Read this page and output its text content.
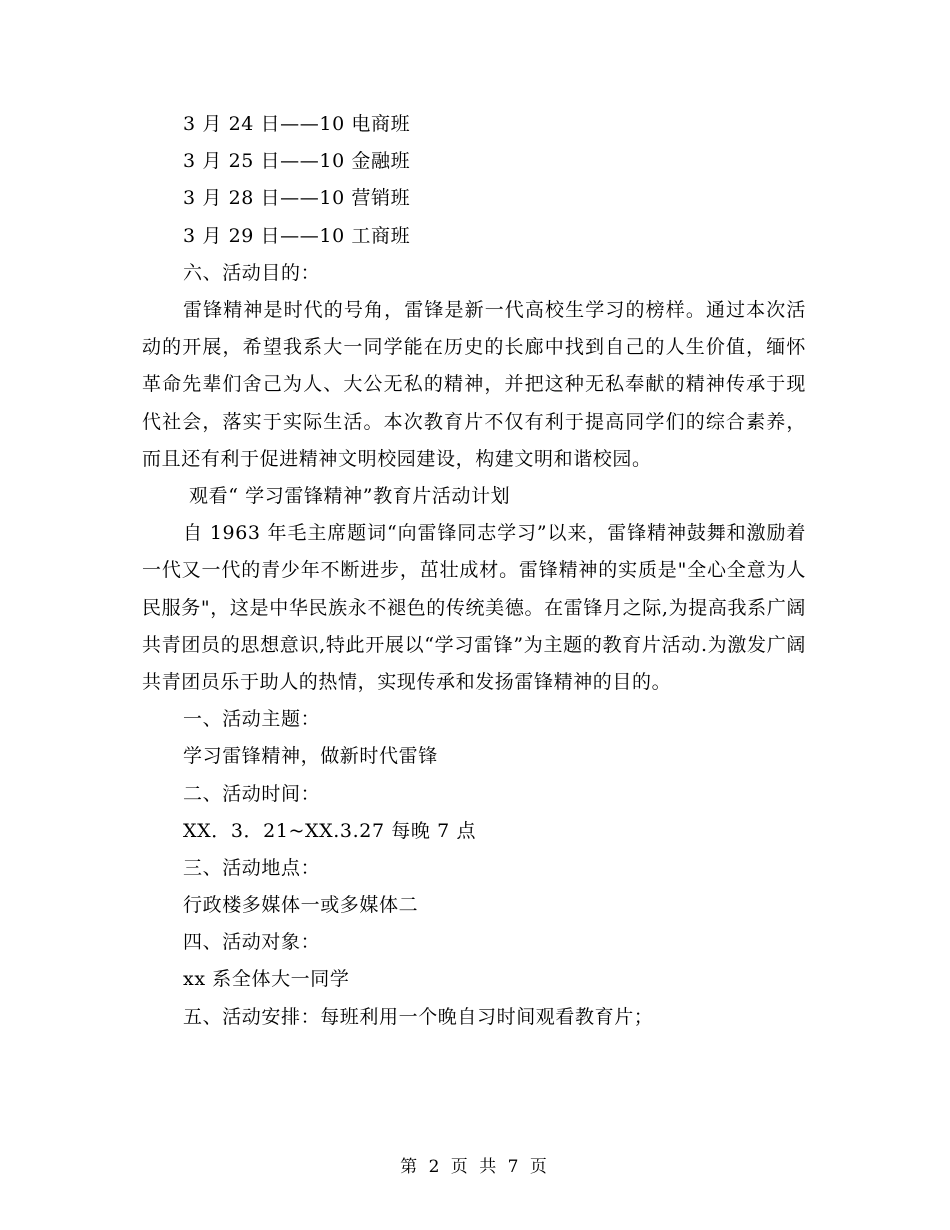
3 月 24 日——10 电商班

3 月 25 日——10 金融班

3 月 28 日——10 营销班

3 月 29 日——10 工商班

六、活动目的：

雷锋精神是时代的号角，雷锋是新一代高校生学习的榜样。通过本次活动的开展，希望我系大一同学能在历史的长廊中找到自己的人生价值，缅怀革命先辈们舍己为人、大公无私的精神，并把这种无私奉献的精神传承于现代社会，落实于实际生活。本次教育片不仅有利于提高同学们的综合素养，而且还有利于促进精神文明校园建设，构建文明和谐校园。

观看“ 学习雷锋精神”教育片活动计划

自 1963 年毛主席题词“向雷锋同志学习”以来，雷锋精神鼓舞和激励着一代又一代的青少年不断进步，茁壮成材。雷锋精神的实质是"全心全意为人民服务"，这是中华民族永不褪色的传统美德。在雷锋月之际,为提高我系广阔共青团员的思想意识,特此开展以“学习雷锋”为主题的教育片活动.为激发广阔共青团员乐于助人的热情，实现传承和发扬雷锋精神的目的。

一、活动主题：

学习雷锋精神，做新时代雷锋

二、活动时间：

XX．3．21~XX.3.27 每晚 7 点

三、活动地点：

行政楼多媒体一或多媒体二

四、活动对象：

xx 系全体大一同学

五、活动安排：每班利用一个晚自习时间观看教育片；

第 2 页 共 7 页
